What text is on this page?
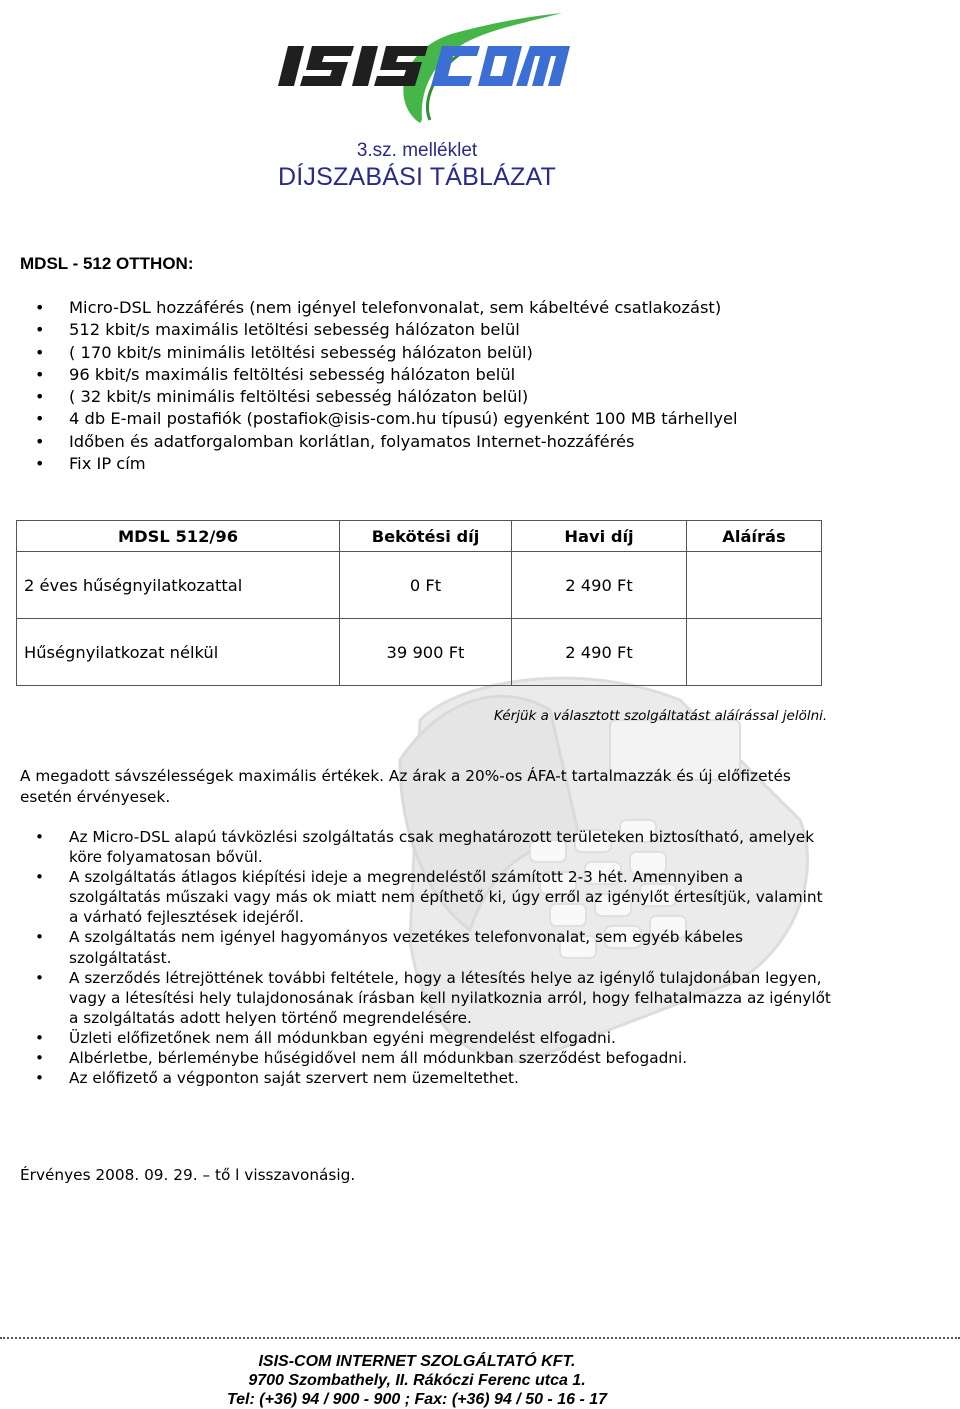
3.sz. melléklet
DÍJSZABÁSI TÁBLÁZAT
MDSL - 512 OTTHON:
• Micro-DSL hozzáférés (nem igényel telefonvonalat, sem kábeltévé csatlakozást)
• 512 kbit/s maximális letöltési sebesség hálózaton belül
• ( 170 kbit/s minimális letöltési sebesség hálózaton belül)
• 96 kbit/s maximális feltöltési sebesség hálózaton belül
• ( 32 kbit/s minimális feltöltési sebesség hálózaton belül)
• 4 db E-mail postafiók (postafiok@isis-com.hu típusú) egyenként 100 MB tárhellyel
• Időben és adatforgalomban korlátlan, folyamatos Internet-hozzáférés
• Fix IP cím
MDSL 512/96	Bekötési díj	Havi díj	Aláírás
2 éves hűségnyilatkozattal	0 Ft	2 490 Ft	
Hűségnyilatkozat nélkül	39 900 Ft	2 490 Ft	
Kérjük a választott szolgáltatást aláírással jelölni.
A megadott sávszélességek maximális értékek. Az árak a 20%-os ÁFA-t tartalmazzák és új előfizetés esetén érvényesek.
• Az Micro-DSL alapú távközlési szolgáltatás csak meghatározott területeken biztosítható, amelyek köre folyamatosan bővül.
• A szolgáltatás átlagos kiépítési ideje a megrendeléstől számított 2-3 hét. Amennyiben a szolgáltatás műszaki vagy más ok miatt nem építhető ki, úgy erről az igénylőt értesítjük, valamint a várható fejlesztések idejéről.
• A szolgáltatás nem igényel hagyományos vezetékes telefonvonalat, sem egyéb kábeles szolgáltatást.
• A szerződés létrejöttének további feltétele, hogy a létesítés helye az igénylő tulajdonában legyen, vagy a létesítési hely tulajdonosának írásban kell nyilatkoznia arról, hogy felhatalmazza az igénylőt a szolgáltatás adott helyen történő megrendelésére.
• Üzleti előfizetőnek nem áll módunkban egyéni megrendelést elfogadni.
• Albérletbe, bérleménybe hűségidővel nem áll módunkban szerződést befogadni.
• Az előfizető a végponton saját szervert nem üzemeltethet.
Érvényes 2008. 09. 29. – tő l visszavonásig.
ISIS-COM INTERNET SZOLGÁLTATÓ KFT.
9700 Szombathely, II. Rákóczi Ferenc utca 1.
Tel: (+36) 94 / 900 - 900 ; Fax: (+36) 94 / 50 - 16 - 17
